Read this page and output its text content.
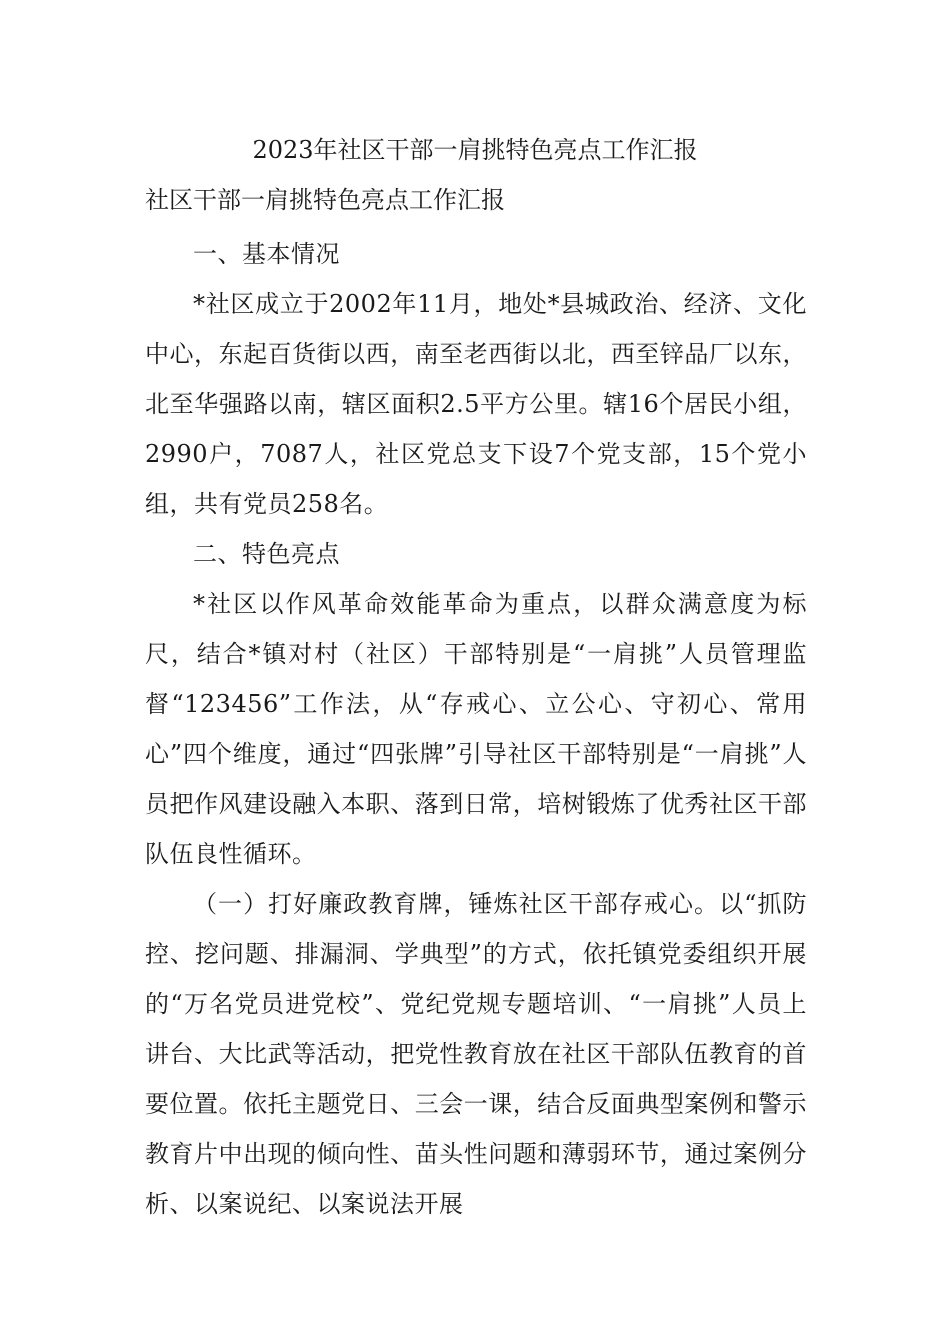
2023年社区干部一肩挑特色亮点工作汇报
社区干部一肩挑特色亮点工作汇报

一、基本情况

*社区成立于2002年11月，地处*县城政治、经济、文化中心，东起百货街以西，南至老西街以北，西至锌品厂以东，北至华强路以南，辖区面积2.5平方公里。辖16个居民小组，2990户，7087人，社区党总支下设7个党支部，15个党小组，共有党员258名。

二、特色亮点

*社区以作风革命效能革命为重点，以群众满意度为标尺，结合*镇对村（社区）干部特别是“一肩挑”人员管理监督“123456”工作法，从“存戒心、立公心、守初心、常用心”四个维度，通过“四张牌”引导社区干部特别是“一肩挑”人员把作风建设融入本职、落到日常，培树锻炼了优秀社区干部队伍良性循环。

（一）打好廉政教育牌，锤炼社区干部存戒心。以“抓防控、挖问题、排漏洞、学典型”的方式，依托镇党委组织开展的“万名党员进党校”、党纪党规专题培训、“一肩挑”人员上讲台、大比武等活动，把党性教育放在社区干部队伍教育的首要位置。依托主题党日、三会一课，结合反面典型案例和警示教育片中出现的倾向性、苗头性问题和薄弱环节，通过案例分析、以案说纪、以案说法开展
